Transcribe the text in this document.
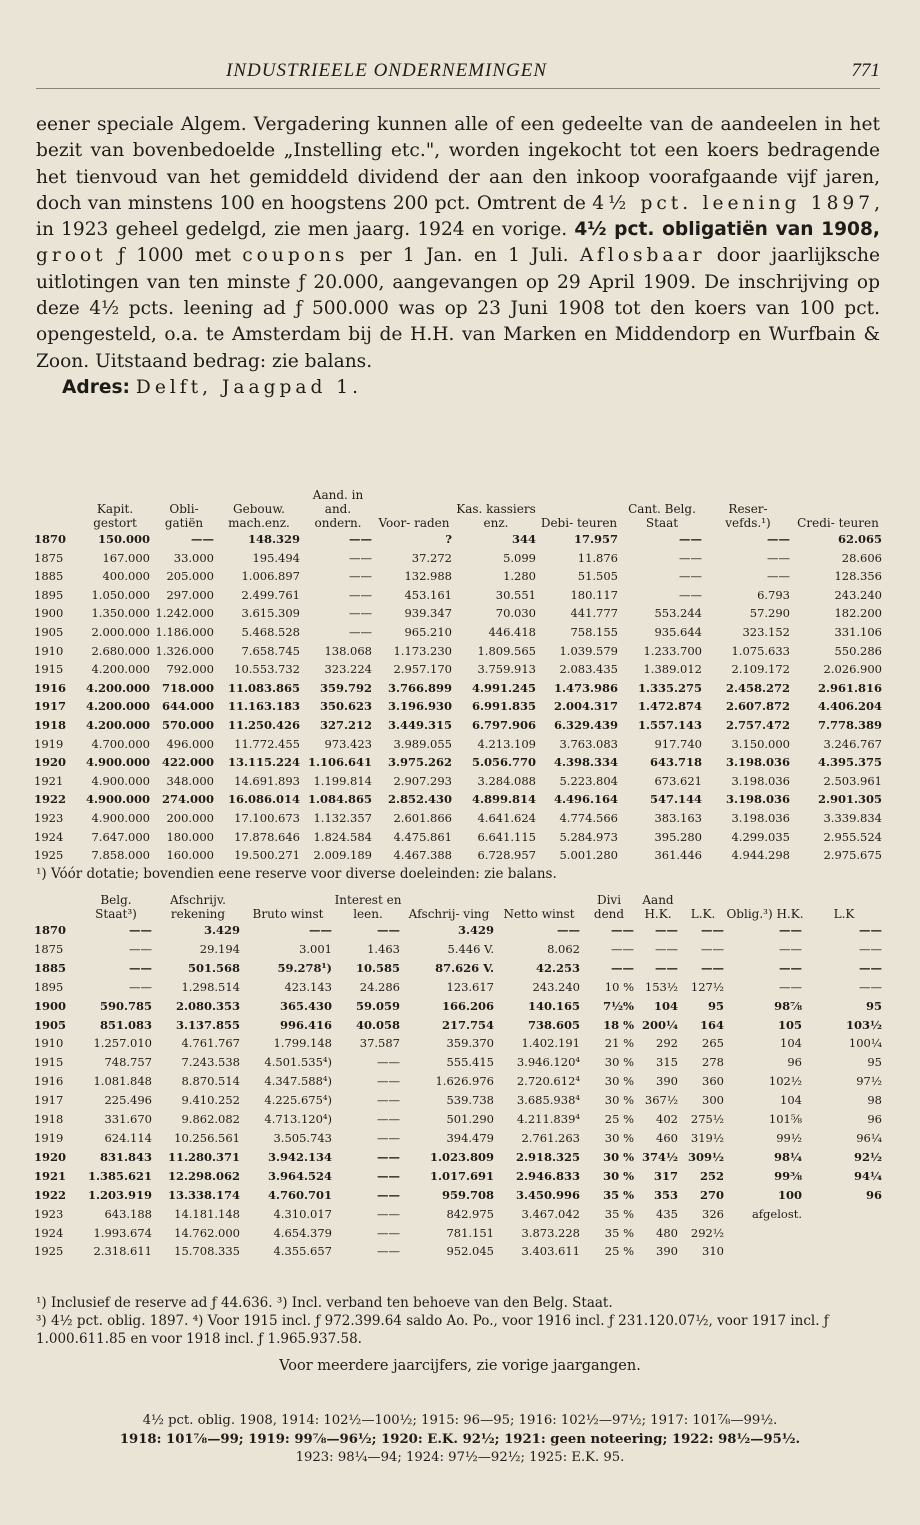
INDUSTRIEELE ONDERNEMINGEN	771

eener speciale Algem. Vergadering kunnen alle of een gedeelte van de aandeelen in het bezit van bovenbedoelde „Instelling etc.", worden ingekocht tot een koers bedragende het tienvoud van het gemiddeld dividend der aan den inkoop voorafgaande vijf jaren, doch van minstens 100 en hoogstens 200 pct. Omtrent de 4½ pct. leening 1897, in 1923 geheel gedelgd, zie men jaarg. 1924 en vorige. 4½ pct. obligatiën van 1908, groot ƒ 1000 met coupons per 1 Jan. en 1 Juli. Aflosbaar door jaarlijksche uitlotingen van ten minste ƒ 20.000, aangevangen op 29 April 1909. De inschrijving op deze 4½ pcts. leening ad ƒ 500.000 was op 23 Juni 1908 tot den koers van 100 pct. opengesteld, o.a. te Amsterdam bij de H.H. van Marken en Middendorp en Wurfbain & Zoon. Uitstaand bedrag: zie balans.

Adres: Delft, Jaagpad 1.

	Kapit. gestort	Obli- gatiën	Gebouw. mach.enz.	Aand. in and. ondern.	Voor- raden	Kas. kassiers enz.	Debi- teuren	Cant. Belg. Staat	Reser- vefds.¹)	Credi- teuren
1870	150.000	——	148.329	——	?	344	17.957	——	——	62.065
1875	167.000	33.000	195.494	——	37.272	5.099	11.876	——	——	28.606
1885	400.000	205.000	1.006.897	——	132.988	1.280	51.505	——	——	128.356
1895	1.050.000	297.000	2.499.761	——	453.161	30.551	180.117	——	6.793	243.240
1900	1.350.000	1.242.000	3.615.309	——	939.347	70.030	441.777	553.244	57.290	182.200
1905	2.000.000	1.186.000	5.468.528	——	965.210	446.418	758.155	935.644	323.152	331.106
1910	2.680.000	1.326.000	7.658.745	138.068	1.173.230	1.809.565	1.039.579	1.233.700	1.075.633	550.286
1915	4.200.000	792.000	10.553.732	323.224	2.957.170	3.759.913	2.083.435	1.389.012	2.109.172	2.026.900
1916	4.200.000	718.000	11.083.865	359.792	3.766.899	4.991.245	1.473.986	1.335.275	2.458.272	2.961.816
1917	4.200.000	644.000	11.163.183	350.623	3.196.930	6.991.835	2.004.317	1.472.874	2.607.872	4.406.204
1918	4.200.000	570.000	11.250.426	327.212	3.449.315	6.797.906	6.329.439	1.557.143	2.757.472	7.778.389
1919	4.700.000	496.000	11.772.455	973.423	3.989.055	4.213.109	3.763.083	917.740	3.150.000	3.246.767
1920	4.900.000	422.000	13.115.224	1.106.641	3.975.262	5.056.770	4.398.334	643.718	3.198.036	4.395.375
1921	4.900.000	348.000	14.691.893	1.199.814	2.907.293	3.284.088	5.223.804	673.621	3.198.036	2.503.961
1922	4.900.000	274.000	16.086.014	1.084.865	2.852.430	4.899.814	4.496.164	547.144	3.198.036	2.901.305
1923	4.900.000	200.000	17.100.673	1.132.357	2.601.866	4.641.624	4.774.566	383.163	3.198.036	3.339.834
1924	7.647.000	180.000	17.878.646	1.824.584	4.475.861	6.641.115	5.284.973	395.280	4.299.035	2.955.524
1925	7.858.000	160.000	19.500.271	2.009.189	4.467.388	6.728.957	5.001.280	361.446	4.944.298	2.975.675
¹) Vóór dotatie; bovendien eene reserve voor diverse doeleinden: zie balans.
	Belg. Staat³)	Afschrijv. rekening	Bruto winst	Interest en leen.	Afschrij- ving	Netto winst	Divi dend	Aand H.K.	L.K.	Oblig.³) H.K.	L.K
1870	——	3.429	——	——	3.429	——	——	——	——	——	——
1875	——	29.194	3.001	1.463	5.446 V.	8.062	——	——	——	——	——
1885	——	501.568	59.278¹)	10.585	87.626 V.	42.253	——	——	——	——	——
1895	——	1.298.514	423.143	24.286	123.617	243.240	10 %	153½	127½	——	——
1900	590.785	2.080.353	365.430	59.059	166.206	140.165	7½%	104	95	98⅞	95
1905	851.083	3.137.855	996.416	40.058	217.754	738.605	18 %	200¼	164	105	103½
1910	1.257.010	4.761.767	1.799.148	37.587	359.370	1.402.191	21 %	292	265	104	100¼
1915	748.757	7.243.538	4.501.535⁴)	——	555.415	3.946.120⁴	30 %	315	278	96	95
1916	1.081.848	8.870.514	4.347.588⁴)	——	1.626.976	2.720.612⁴	30 %	390	360	102½	97½
1917	225.496	9.410.252	4.225.675⁴)	——	539.738	3.685.938⁴	30 %	367½	300	104	98
1918	331.670	9.862.082	4.713.120⁴)	——	501.290	4.211.839⁴	25 %	402	275½	101⅝	96
1919	624.114	10.256.561	3.505.743	——	394.479	2.761.263	30 %	460	319½	99½	96¼
1920	831.843	11.280.371	3.942.134	——	1.023.809	2.918.325	30 %	374½	309½	98¼	92½
1921	1.385.621	12.298.062	3.964.524	——	1.017.691	2.946.833	30 %	317	252	99⅜	94¼
1922	1.203.919	13.338.174	4.760.701	——	959.708	3.450.996	35 %	353	270	100	96
1923	643.188	14.181.148	4.310.017	——	842.975	3.467.042	35 %	435	326	afgelost.	
1924	1.993.674	14.762.000	4.654.379	——	781.151	3.873.228	35 %	480	292½		
1925	2.318.611	15.708.335	4.355.657	——	952.045	3.403.611	25 %	390	310		

¹) Inclusief de reserve ad ƒ 44.636. ³) Incl. verband ten behoeve van den Belg. Staat.

³) 4½ pct. oblig. 1897. ⁴) Voor 1915 incl. ƒ 972.399.64 saldo Ao. Po., voor 1916 incl. ƒ 231.120.07½, voor 1917 incl. ƒ 1.000.611.85 en voor 1918 incl. ƒ 1.965.937.58.

Voor meerdere jaarcijfers, zie vorige jaargangen.

4½ pct. oblig. 1908, 1914: 102½—100½; 1915: 96—95; 1916: 102½—97½; 1917: 101⅞—99½.

1918: 101⅞—99; 1919: 99⅞—96½; 1920: E.K. 92½; 1921: geen noteering; 1922: 98½—95½.

1923: 98¼—94; 1924: 97½—92½; 1925: E.K. 95.
